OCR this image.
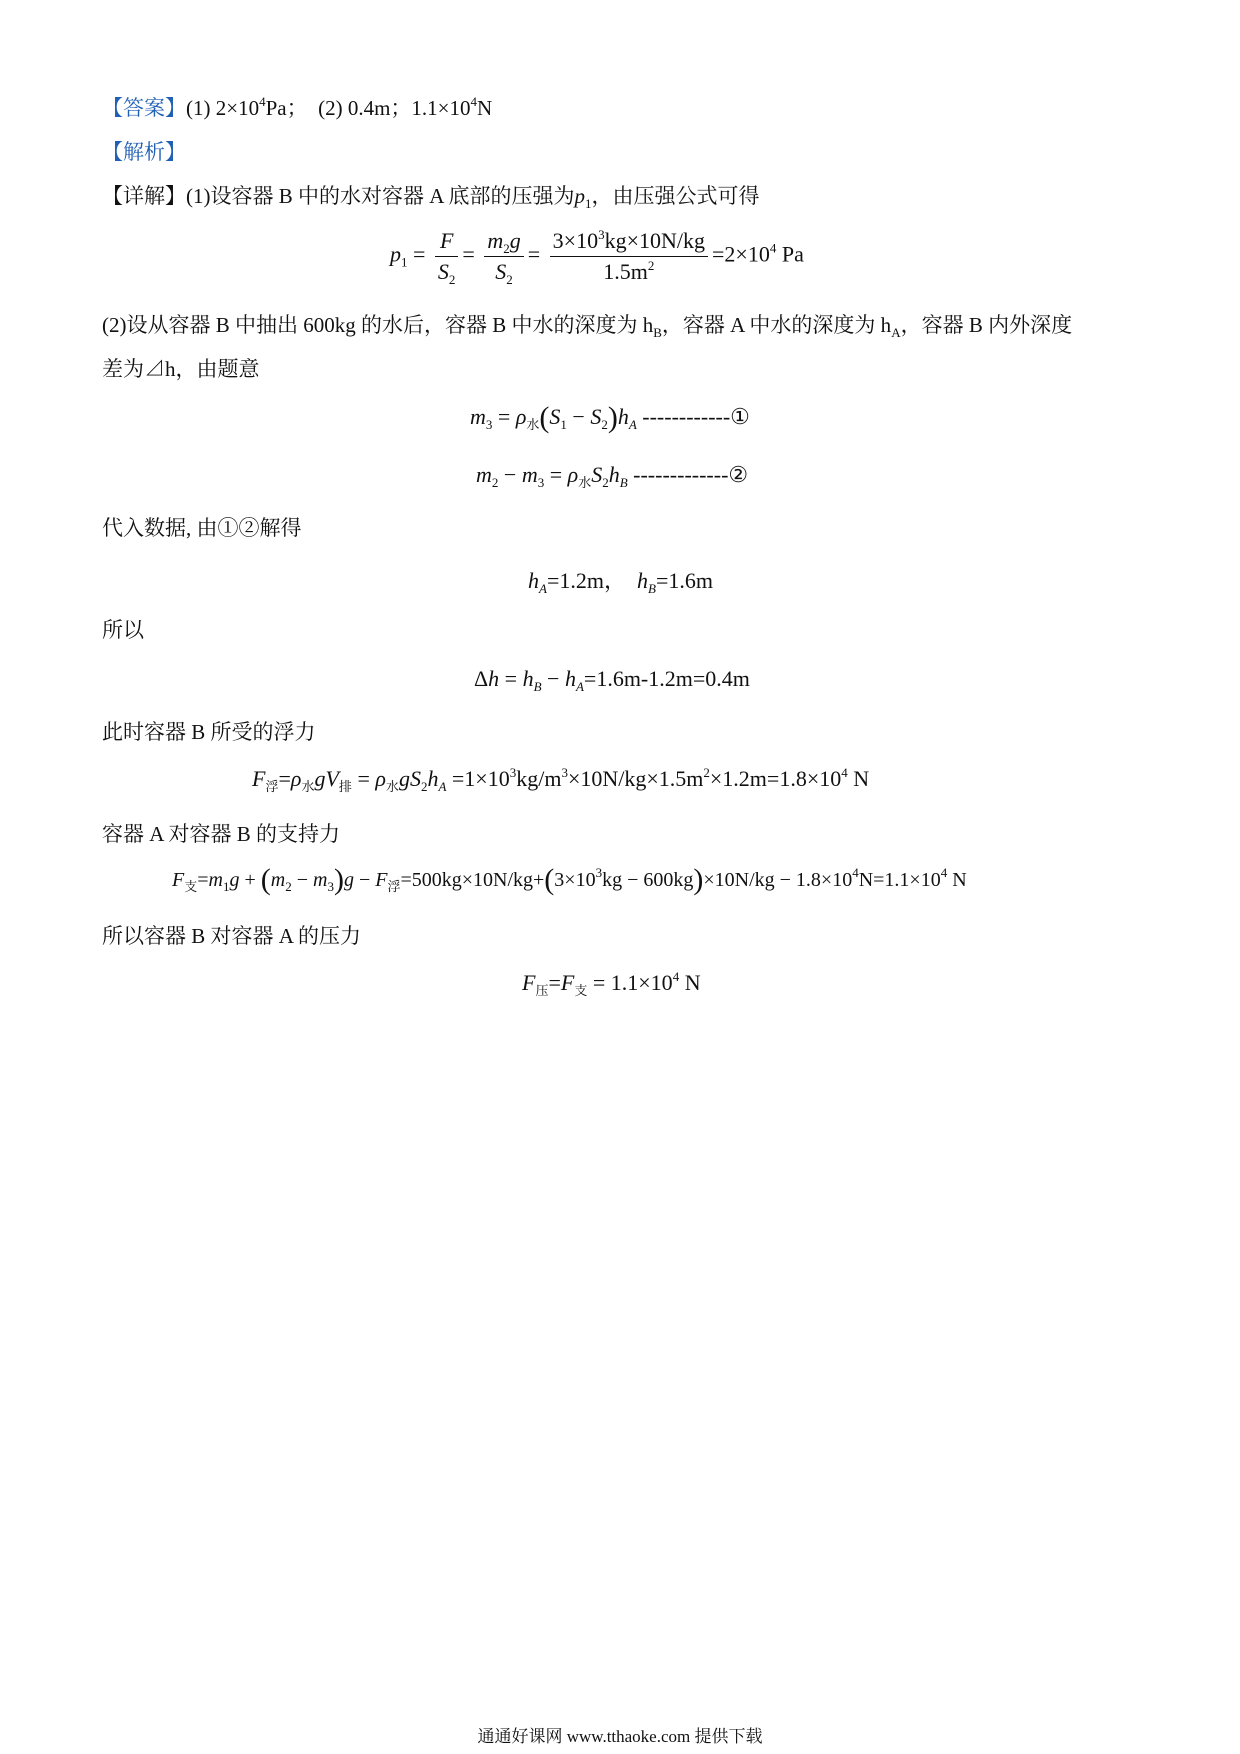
【答案】(1) $2\times 10^4Pa$； (2) 0.4m；$1.1\times 10^4N$
【解析】
【详解】(1)设容器 B 中的水对容器 A 底部的压强为$p_1$，由压强公式可得
$p_1 = \frac{F}{S_2} = \frac{m_2g}{S_2} = \frac{3\times 10^3kg\times 10N/kg}{1.5m^2} =2\times 10^4$ Pa
(2)设从容器 B 中抽出 600kg 的水后，容器 B 中水的深度为 $h_B$，容器 A 中水的深度为 $h_A$，容器 B 内外深度
差为⊿h，由题意
$m_3 = \rho_水(S_1 - S_2)h_A$ ------------①
$m_2 - m_3 = \rho_水S_2h_B$ -------------②
代入数据, 由①②解得
$h_A=1.2m$， $h_B=1.6m$
所以
$\Delta h = h_B - h_A=1.6m-1.2m=0.4m$
此时容器 B 所受的浮力
$F_浮=\rho_水gV_排 = \rho_水gS_2h_A =1\times 10^3kg/m^3\times 10N/kg\times 1.5m^2\times 1.2m=1.8\times 10^4$ N
容器 A 对容器 B 的支持力
$F_支=m_1g + (m_2 - m_3)g - F_浮=500kg\times 10N/kg+(3\times 10^3kg - 600kg)\times 10N/kg - 1.8\times 10^4N=1.1\times 10^4$ N
所以容器 B 对容器 A 的压力
$F_压=F_支 = 1.1\times 10^4$ N
通通好课网 www.tthaoke.com 提供下载
